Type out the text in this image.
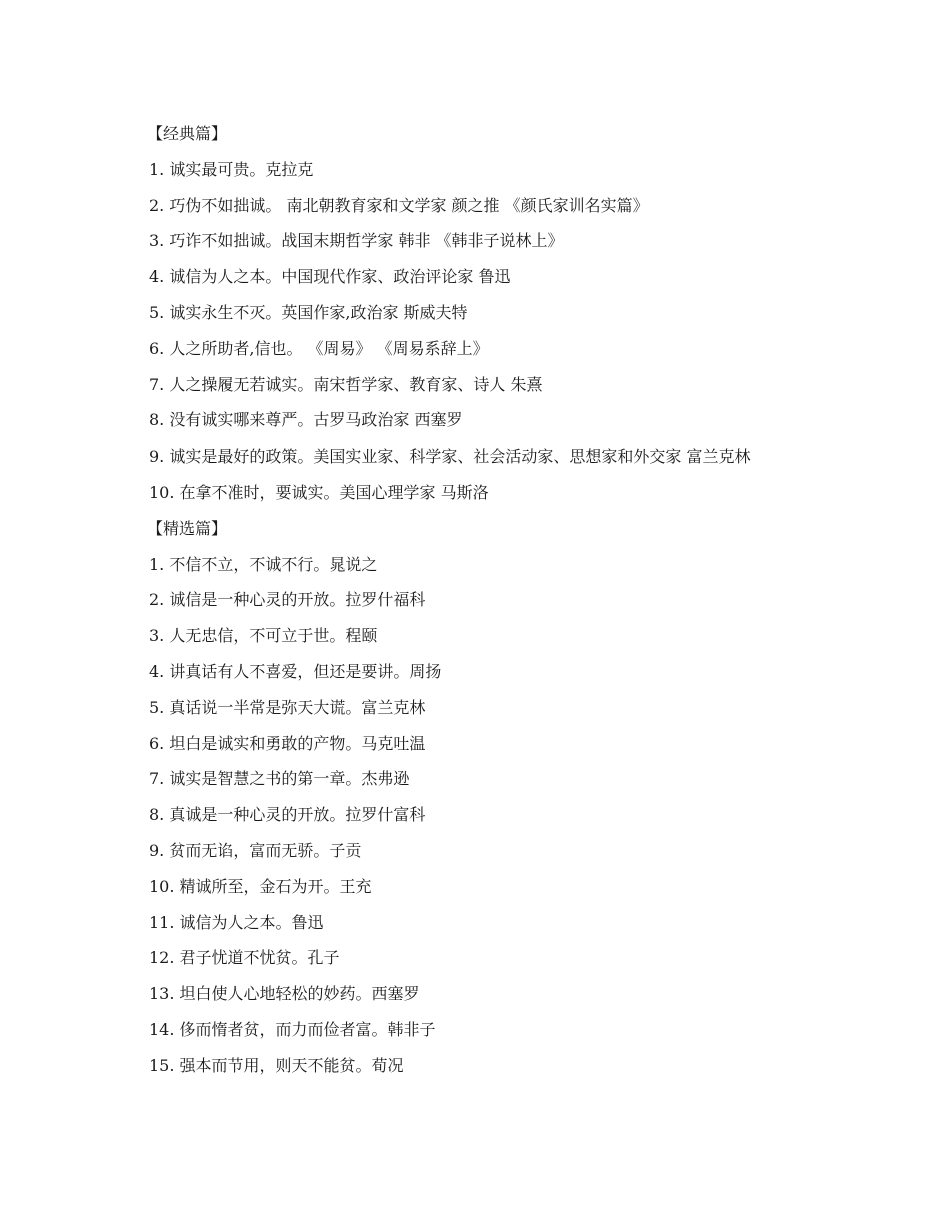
【经典篇】
1. 诚实最可贵。克拉克
2. 巧伪不如拙诚。 南北朝教育家和文学家 颜之推 《颜氏家训名实篇》
3. 巧诈不如拙诚。战国末期哲学家 韩非 《韩非子说林上》
4. 诚信为人之本。中国现代作家、政治评论家 鲁迅
5. 诚实永生不灭。英国作家,政治家 斯威夫特
6. 人之所助者,信也。 《周易》 《周易系辞上》
7. 人之操履无若诚实。南宋哲学家、教育家、诗人 朱熹
8. 没有诚实哪来尊严。古罗马政治家 西塞罗
9. 诚实是最好的政策。美国实业家、科学家、社会活动家、思想家和外交家 富兰克林
10. 在拿不准时，要诚实。美国心理学家 马斯洛
【精选篇】
1. 不信不立，不诚不行。晁说之
2. 诚信是一种心灵的开放。拉罗什福科
3. 人无忠信，不可立于世。程颐
4. 讲真话有人不喜爱，但还是要讲。周扬
5. 真话说一半常是弥天大谎。富兰克林
6. 坦白是诚实和勇敢的产物。马克吐温
7. 诚实是智慧之书的第一章。杰弗逊
8. 真诚是一种心灵的开放。拉罗什富科
9. 贫而无谄，富而无骄。子贡
10. 精诚所至，金石为开。王充
11. 诚信为人之本。鲁迅
12. 君子忧道不忧贫。孔子
13. 坦白使人心地轻松的妙药。西塞罗
14. 侈而惰者贫，而力而俭者富。韩非子
15. 强本而节用，则天不能贫。荀况
